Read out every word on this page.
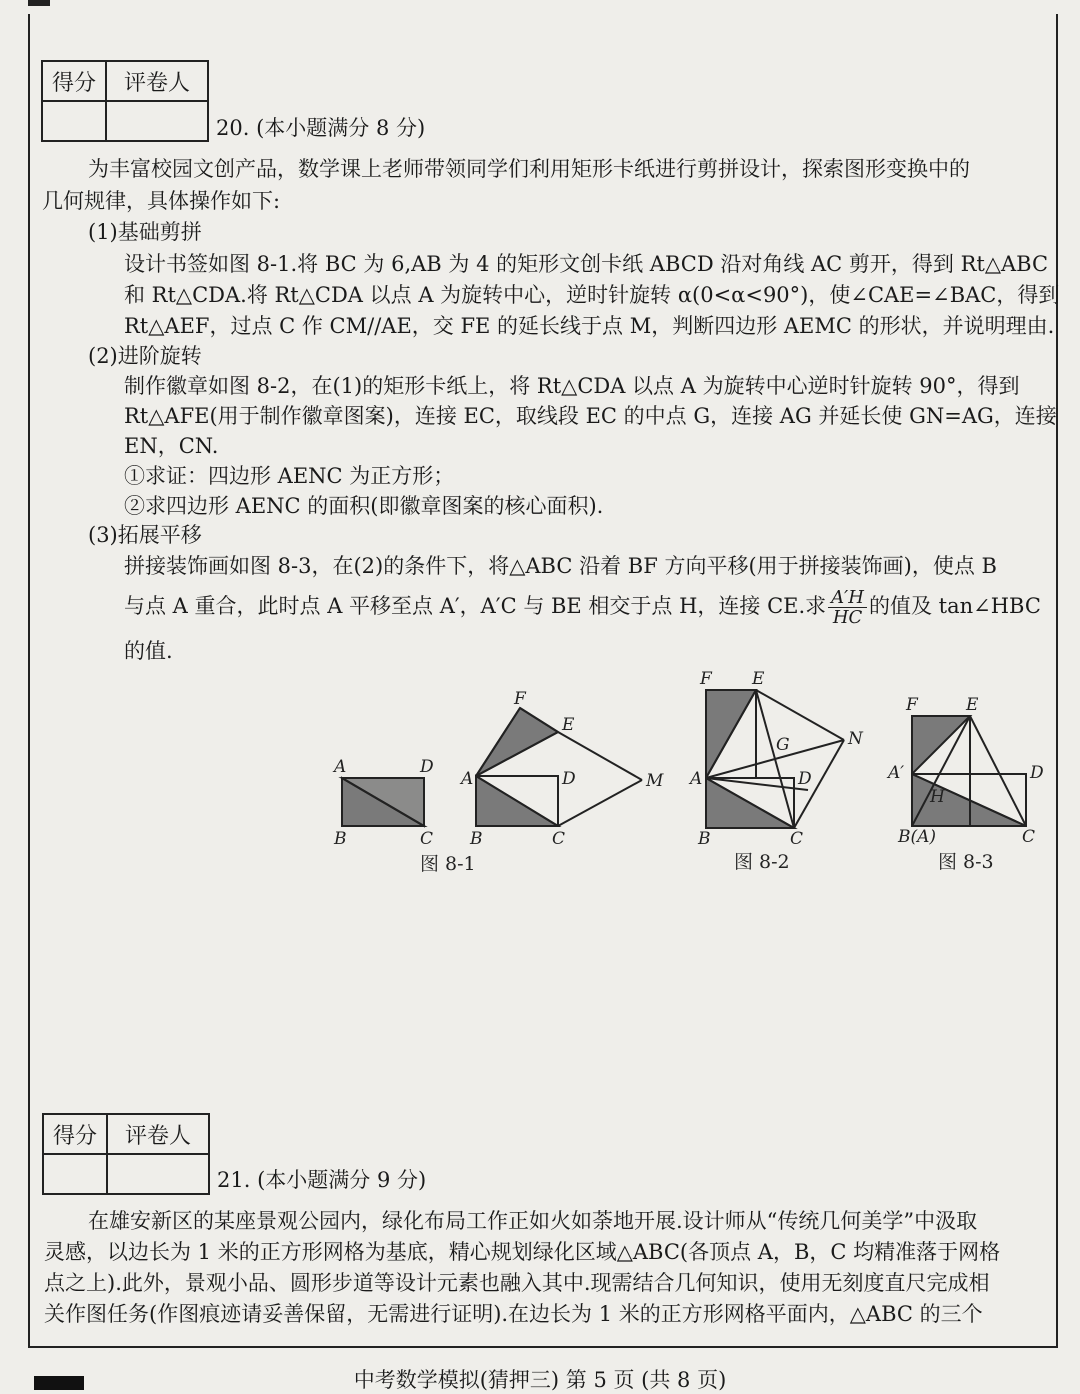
得分	评卷人

20. (本小题满分 8 分)
为丰富校园文创产品，数学课上老师带领同学们利用矩形卡纸进行剪拼设计，探索图形变换中的
几何规律，具体操作如下:
(1)基础剪拼
设计书签如图 8-1.将 BC 为 6,AB 为 4 的矩形文创卡纸 ABCD 沿对角线 AC 剪开，得到 Rt△ABC
和 Rt△CDA.将 Rt△CDA 以点 A 为旋转中心，逆时针旋转 α(0<α<90°)，使∠CAE=∠BAC，得到
Rt△AEF，过点 C 作 CM//AE，交 FE 的延长线于点 M，判断四边形 AEMC 的形状，并说明理由.
(2)进阶旋转
制作徽章如图 8-2，在(1)的矩形卡纸上，将 Rt△CDA 以点 A 为旋转中心逆时针旋转 90°，得到
Rt△AFE(用于制作徽章图案)，连接 EC，取线段 EC 的中点 G，连接 AG 并延长使 GN=AG，连接
EN，CN.
①求证：四边形 AENC 为正方形；
②求四边形 AENC 的面积(即徽章图案的核心面积).
(3)拓展平移
拼接装饰画如图 8-3，在(2)的条件下，将△ABC 沿着 BF 方向平移(用于拼接装饰画)，使点 B
与点 A 重合，此时点 A 平移至点 A′，A′C 与 BE 相交于点 H，连接 CE.求 $\frac{A'H}{HC}$ 的值及 tan∠HBC
的值.
A	D
B	C
F
E
A	D	M
B	C
图 8-1
F E
G	N
A	D
B	C
图 8-2
F	E
A′	D
H
B(A)	C
图 8-3
得分	评卷人

21. (本小题满分 9 分)
在雄安新区的某座景观公园内，绿化布局工作正如火如荼地开展.设计师从“传统几何美学”中汲取
灵感，以边长为 1 米的正方形网格为基底，精心规划绿化区域△ABC(各顶点 A，B，C 均精准落于网格
点之上).此外，景观小品、圆形步道等设计元素也融入其中.现需结合几何知识，使用无刻度直尺完成相
关作图任务(作图痕迹请妥善保留，无需进行证明).在边长为 1 米的正方形网格平面内，△ABC 的三个
中考数学模拟(猜押三) 第 5 页 (共 8 页)
